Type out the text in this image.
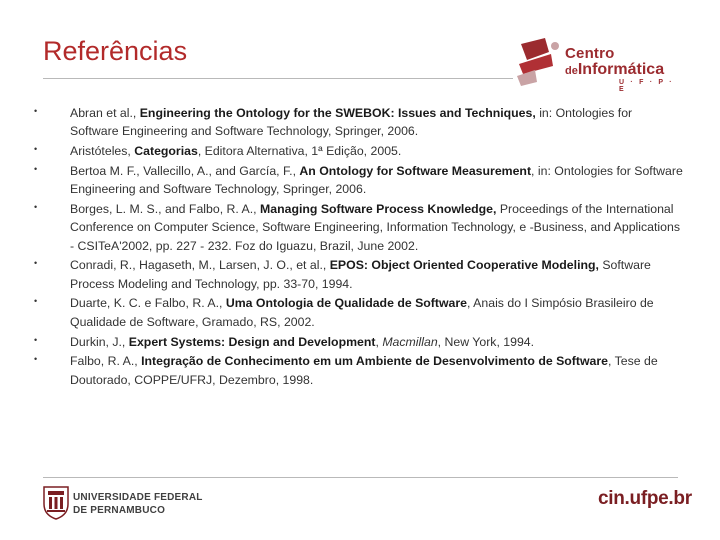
Referências	Centro
deInformática
U · F · P · E
•	Abran et al., Engineering the Ontology for the SWEBOK: Issues and Techniques, in: Ontologies for Software Engineering and Software Technology, Springer, 2006.

•	Aristóteles, Categorias, Editora Alternativa, 1ª Edição, 2005.

•	Bertoa M. F., Vallecillo, A., and García, F., An Ontology for Software Measurement, in: Ontologies for Software Engineering and Software Technology, Springer, 2006.

•	Borges, L. M. S., and Falbo, R. A., Managing Software Process Knowledge, Proceedings of the International Conference on Computer Science, Software Engineering, Information Technology, e -Business, and Applications - CSITeA'2002, pp. 227 - 232. Foz do Iguazu, Brazil, June 2002.

•	Conradi, R., Hagaseth, M., Larsen, J. O., et al., EPOS: Object Oriented Cooperative Modeling, Software Process Modeling and Technology, pp. 33-70, 1994.

•	Duarte, K. C. e Falbo, R. A., Uma Ontologia de Qualidade de Software, Anais do I Simpósio Brasileiro de Qualidade de Software, Gramado, RS, 2002.

•	Durkin, J., Expert Systems: Design and Development, Macmillan, New York, 1994.

•	Falbo, R. A., Integração de Conhecimento em um Ambiente de Desenvolvimento de Software, Tese de Doutorado, COPPE/UFRJ, Dezembro, 1998.

UNIVERSIDADE FEDERAL
DE PERNAMBUCO
cin.ufpe.br
